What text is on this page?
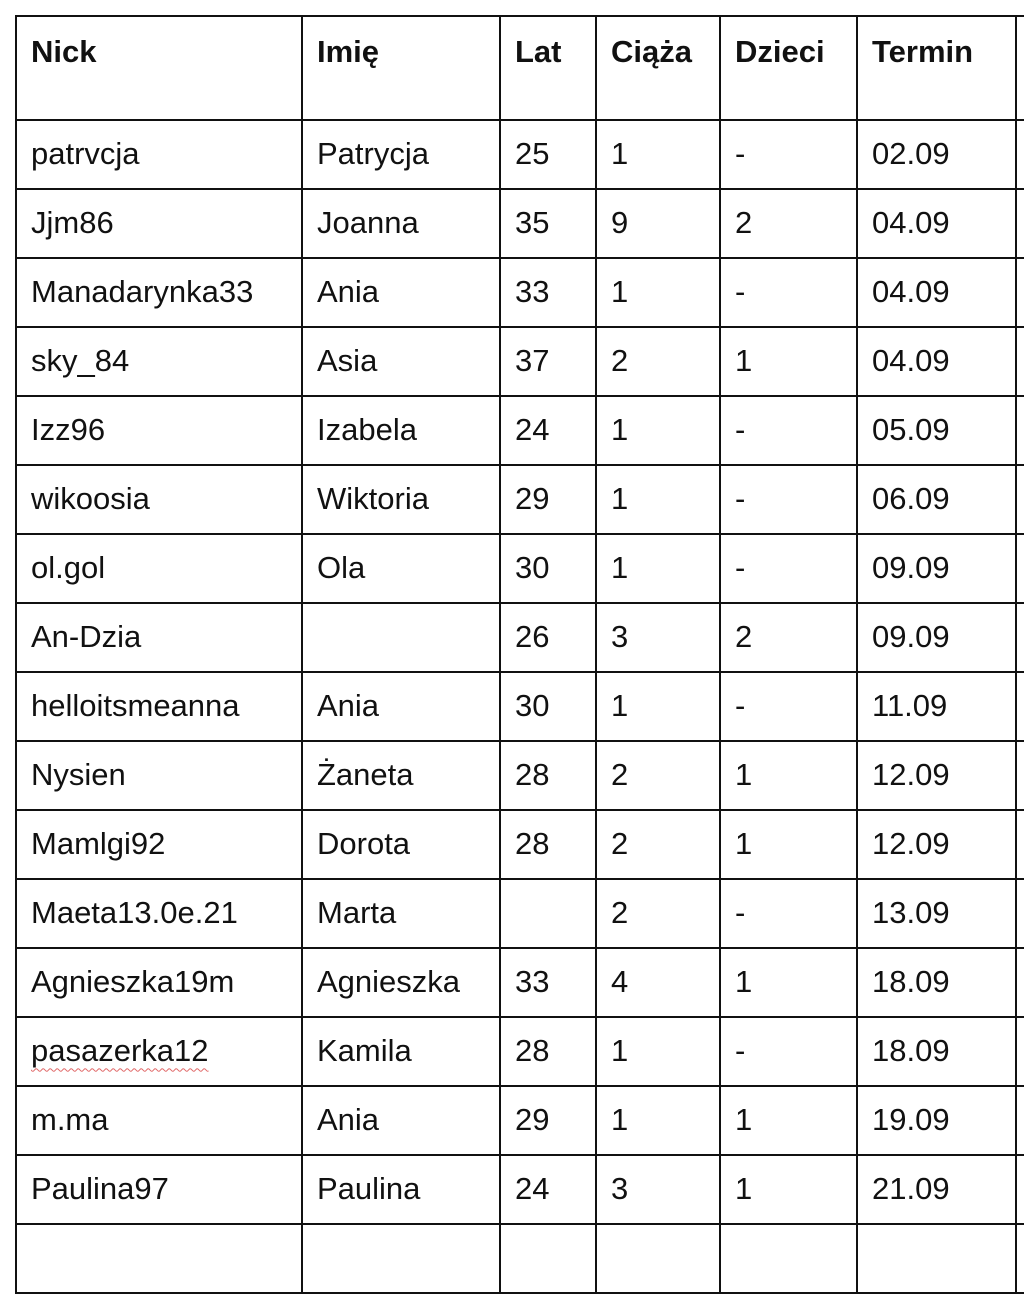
Nick	Imię	Lat	Ciąża	Dzieci	Termin	
patrvcja	Patrycja	25	1	-	02.09	
Jjm86	Joanna	35	9	2	04.09	
Manadarynka33	Ania	33	1	-	04.09	
sky_84	Asia	37	2	1	04.09	
Izz96	Izabela	24	1	-	05.09	
wikoosia	Wiktoria	29	1	-	06.09	
ol.gol	Ola	30	1	-	09.09	
An-Dzia		26	3	2	09.09	
helloitsmeanna	Ania	30	1	-	11.09	
Nysien	Żaneta	28	2	1	12.09	
Mamlgi92	Dorota	28	2	1	12.09	
Maeta13.0e.21	Marta		2	-	13.09	
Agnieszka19m	Agnieszka	33	4	1	18.09	
pasazerka12	Kamila	28	1	-	18.09	
m.ma	Ania	29	1	1	19.09	
Paulina97	Paulina	24	3	1	21.09	
